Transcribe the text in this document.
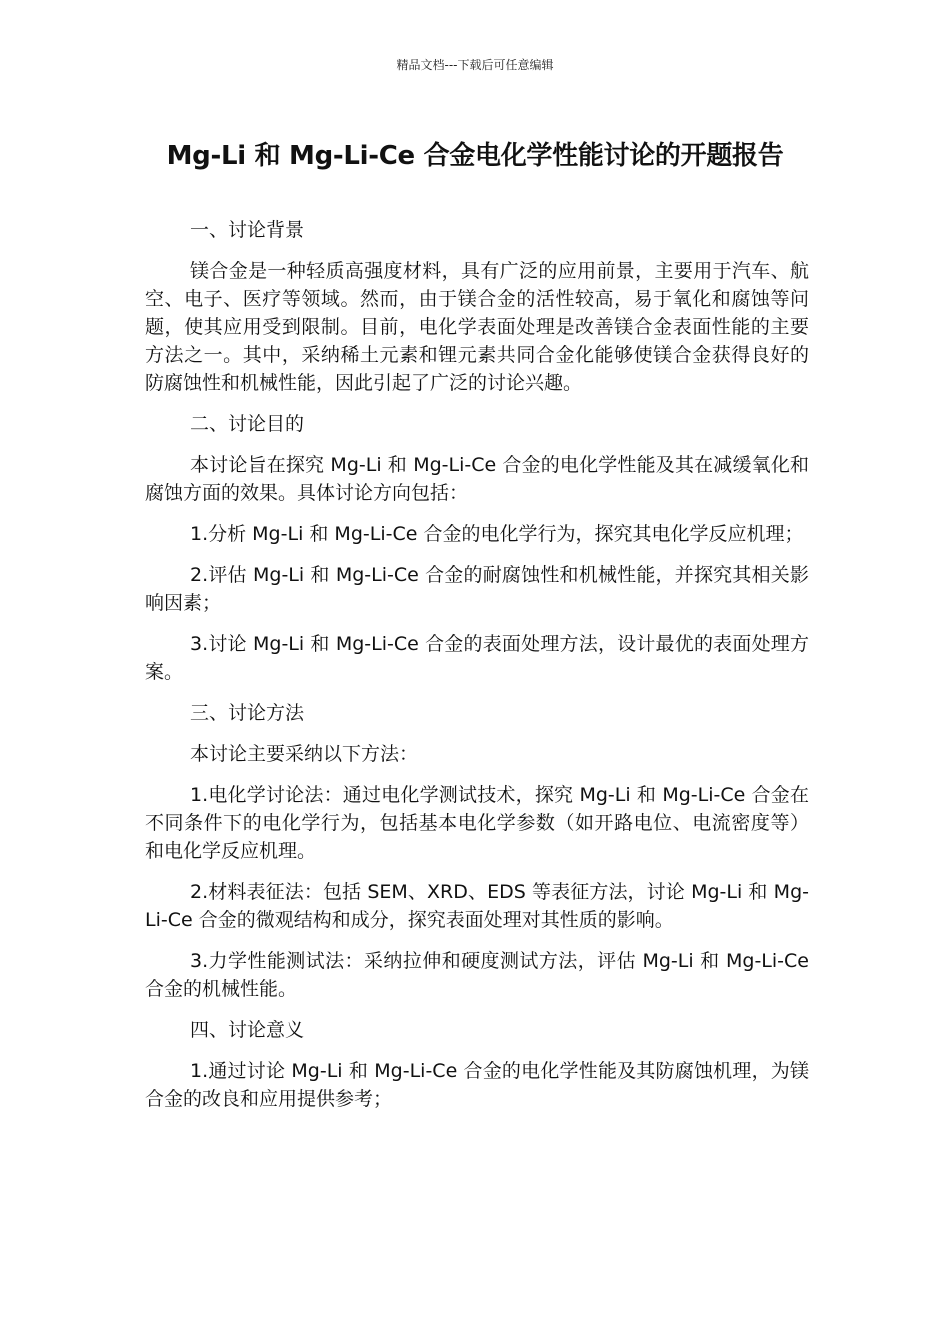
精品文档---下载后可任意编辑
Mg-Li 和 Mg-Li-Ce 合金电化学性能讨论的开题报告

一、讨论背景

镁合金是一种轻质高强度材料，具有广泛的应用前景，主要用于汽车、航空、电子、医疗等领域。然而，由于镁合金的活性较高，易于氧化和腐蚀等问题，使其应用受到限制。目前，电化学表面处理是改善镁合金表面性能的主要方法之一。其中，采纳稀土元素和锂元素共同合金化能够使镁合金获得良好的防腐蚀性和机械性能，因此引起了广泛的讨论兴趣。

二、讨论目的

本讨论旨在探究 Mg-Li 和 Mg-Li-Ce 合金的电化学性能及其在减缓氧化和腐蚀方面的效果。具体讨论方向包括：

1.分析 Mg-Li 和 Mg-Li-Ce 合金的电化学行为，探究其电化学反应机理；

2.评估 Mg-Li 和 Mg-Li-Ce 合金的耐腐蚀性和机械性能，并探究其相关影响因素；

3.讨论 Mg-Li 和 Mg-Li-Ce 合金的表面处理方法，设计最优的表面处理方案。

三、讨论方法

本讨论主要采纳以下方法：

1.电化学讨论法：通过电化学测试技术，探究 Mg-Li 和 Mg-Li-Ce 合金在不同条件下的电化学行为，包括基本电化学参数（如开路电位、电流密度等）和电化学反应机理。

2.材料表征法：包括 SEM、XRD、EDS 等表征方法，讨论 Mg-Li 和 Mg-Li-Ce 合金的微观结构和成分，探究表面处理对其性质的影响。

3.力学性能测试法：采纳拉伸和硬度测试方法，评估 Mg-Li 和 Mg-Li-Ce 合金的机械性能。

四、讨论意义

1.通过讨论 Mg-Li 和 Mg-Li-Ce 合金的电化学性能及其防腐蚀机理，为镁合金的改良和应用提供参考；
